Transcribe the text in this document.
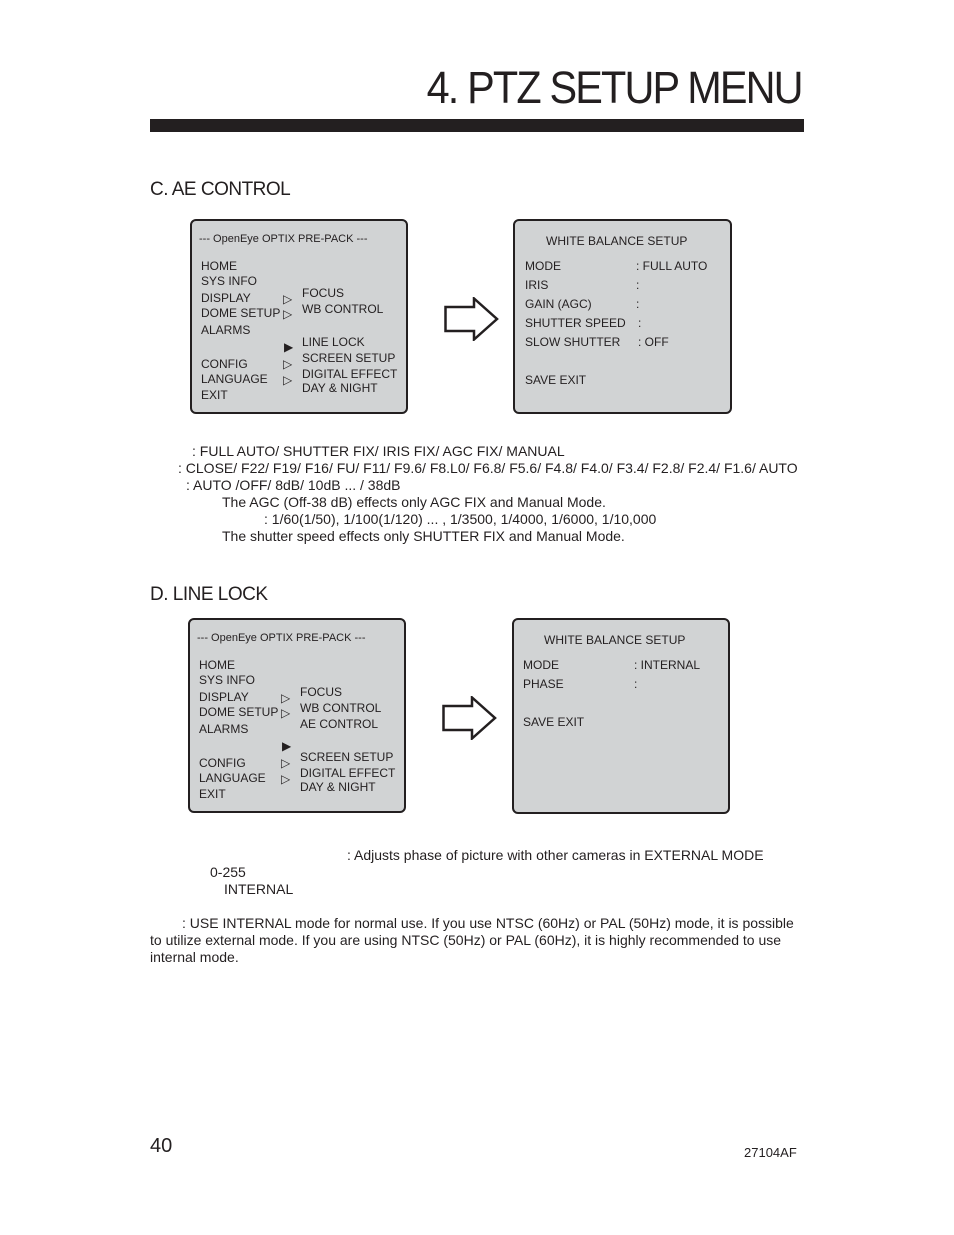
4. PTZ SETUP MENU
C. AE CONTROL
--- OpenEye OPTIX PRE-PACK ---
HOME
SYS INFO
DISPLAY
DOME SETUP
ALARMS
CONFIG
LANGUAGE
EXIT
▷
▷
▶
▷
▷
FOCUS
WB CONTROL
LINE LOCK
SCREEN SETUP
DIGITAL EFFECT
DAY & NIGHT
WHITE BALANCE SETUP
MODE	: FULL AUTO
IRIS	:
GAIN (AGC)	:
SHUTTER SPEED :
SLOW SHUTTER : OFF
SAVE EXIT
: FULL AUTO/ SHUTTER FIX/ IRIS FIX/ AGC FIX/ MANUAL
: CLOSE/ F22/ F19/ F16/ FU/ F11/ F9.6/ F8.L0/ F6.8/ F5.6/ F4.8/ F4.0/ F3.4/ F2.8/ F2.4/ F1.6/ AUTO
: AUTO /OFF/ 8dB/ 10dB ... / 38dB
The AGC (Off-38 dB) effects only AGC FIX and Manual Mode.
: 1/60(1/50), 1/100(1/120) ... , 1/3500, 1/4000, 1/6000, 1/10,000
The shutter speed effects only SHUTTER FIX and Manual Mode.
D. LINE LOCK
--- OpenEye OPTIX PRE-PACK ---
HOME
SYS INFO
DISPLAY
DOME SETUP
ALARMS
CONFIG
LANGUAGE
EXIT
▷
▷
▶
▷
▷
FOCUS
WB CONTROL
AE CONTROL
SCREEN SETUP
DIGITAL EFFECT
DAY & NIGHT
WHITE BALANCE SETUP
MODE	: INTERNAL
PHASE	:
SAVE EXIT
: Adjusts phase of picture with other cameras in EXTERNAL MODE
0-255
INTERNAL
: USE INTERNAL mode for normal use. If you use NTSC (60Hz) or PAL (50Hz) mode, it is possible
to utilize external mode. If you are using NTSC (50Hz) or PAL (60Hz), it is highly recommended to use
internal mode.
40	27104AF
